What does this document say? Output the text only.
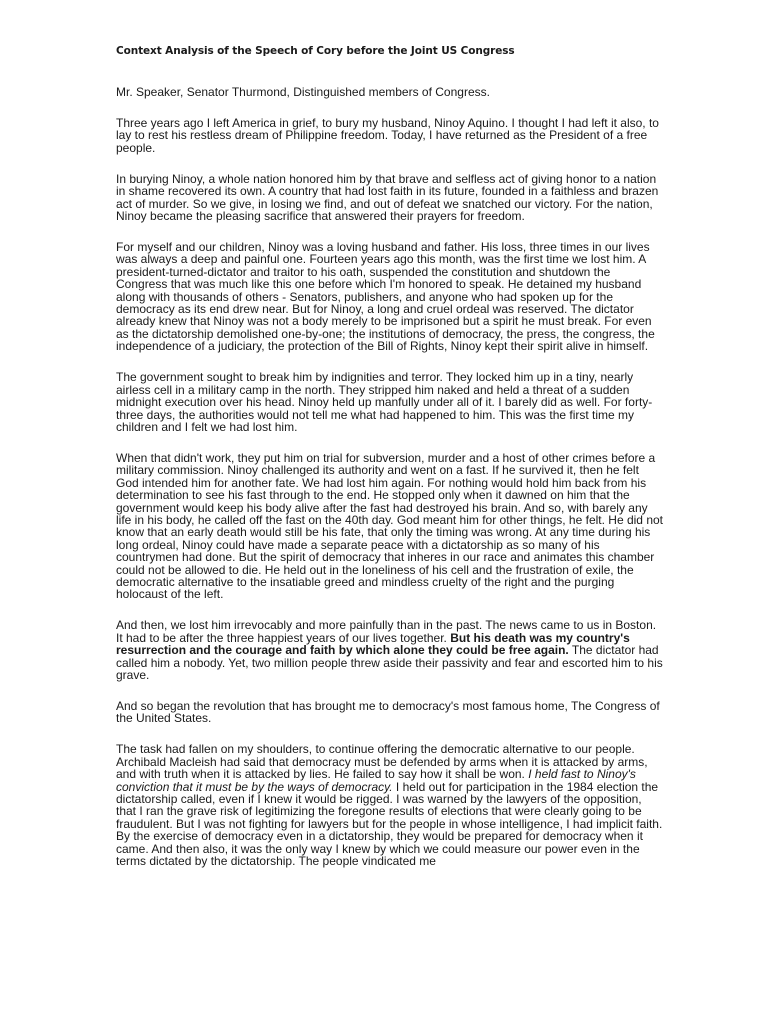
Context Analysis of the Speech of Cory before the Joint US Congress

Mr. Speaker, Senator Thurmond, Distinguished members of Congress.

Three years ago I left America in grief, to bury my husband, Ninoy Aquino. I thought I had left it also, to lay to rest his restless dream of Philippine freedom. Today, I have returned as the President of a free people.

In burying Ninoy, a whole nation honored him by that brave and selfless act of giving honor to a nation in shame recovered its own. A country that had lost faith in its future, founded in a faithless and brazen act of murder. So we give, in losing we find, and out of defeat we snatched our victory. For the nation, Ninoy became the pleasing sacrifice that answered their prayers for freedom.

For myself and our children, Ninoy was a loving husband and father. His loss, three times in our lives was always a deep and painful one. Fourteen years ago this month, was the first time we lost him. A president-turned-dictator and traitor to his oath, suspended the constitution and shutdown the Congress that was much like this one before which I'm honored to speak. He detained my husband along with thousands of others - Senators, publishers, and anyone who had spoken up for the democracy as its end drew near. But for Ninoy, a long and cruel ordeal was reserved. The dictator already knew that Ninoy was not a body merely to be imprisoned but a spirit he must break. For even as the dictatorship demolished one-by-one; the institutions of democracy, the press, the congress, the independence of a judiciary, the protection of the Bill of Rights, Ninoy kept their spirit alive in himself.

The government sought to break him by indignities and terror. They locked him up in a tiny, nearly airless cell in a military camp in the north. They stripped him naked and held a threat of a sudden midnight execution over his head. Ninoy held up manfully under all of it. I barely did as well. For forty-three days, the authorities would not tell me what had happened to him. This was the first time my children and I felt we had lost him.

When that didn't work, they put him on trial for subversion, murder and a host of other crimes before a military commission. Ninoy challenged its authority and went on a fast. If he survived it, then he felt God intended him for another fate. We had lost him again. For nothing would hold him back from his determination to see his fast through to the end. He stopped only when it dawned on him that the government would keep his body alive after the fast had destroyed his brain. And so, with barely any life in his body, he called off the fast on the 40th day. God meant him for other things, he felt. He did not know that an early death would still be his fate, that only the timing was wrong. At any time during his long ordeal, Ninoy could have made a separate peace with a dictatorship as so many of his countrymen had done. But the spirit of democracy that inheres in our race and animates this chamber could not be allowed to die. He held out in the loneliness of his cell and the frustration of exile, the democratic alternative to the insatiable greed and mindless cruelty of the right and the purging holocaust of the left.

And then, we lost him irrevocably and more painfully than in the past. The news came to us in Boston. It had to be after the three happiest years of our lives together. But his death was my country's resurrection and the courage and faith by which alone they could be free again. The dictator had called him a nobody. Yet, two million people threw aside their passivity and fear and escorted him to his grave.

And so began the revolution that has brought me to democracy's most famous home, The Congress of the United States.

The task had fallen on my shoulders, to continue offering the democratic alternative to our people. Archibald Macleish had said that democracy must be defended by arms when it is attacked by arms, and with truth when it is attacked by lies. He failed to say how it shall be won. I held fast to Ninoy's conviction that it must be by the ways of democracy. I held out for participation in the 1984 election the dictatorship called, even if I knew it would be rigged. I was warned by the lawyers of the opposition, that I ran the grave risk of legitimizing the foregone results of elections that were clearly going to be fraudulent. But I was not fighting for lawyers but for the people in whose intelligence, I had implicit faith. By the exercise of democracy even in a dictatorship, they would be prepared for democracy when it came. And then also, it was the only way I knew by which we could measure our power even in the terms dictated by the dictatorship. The people vindicated me
